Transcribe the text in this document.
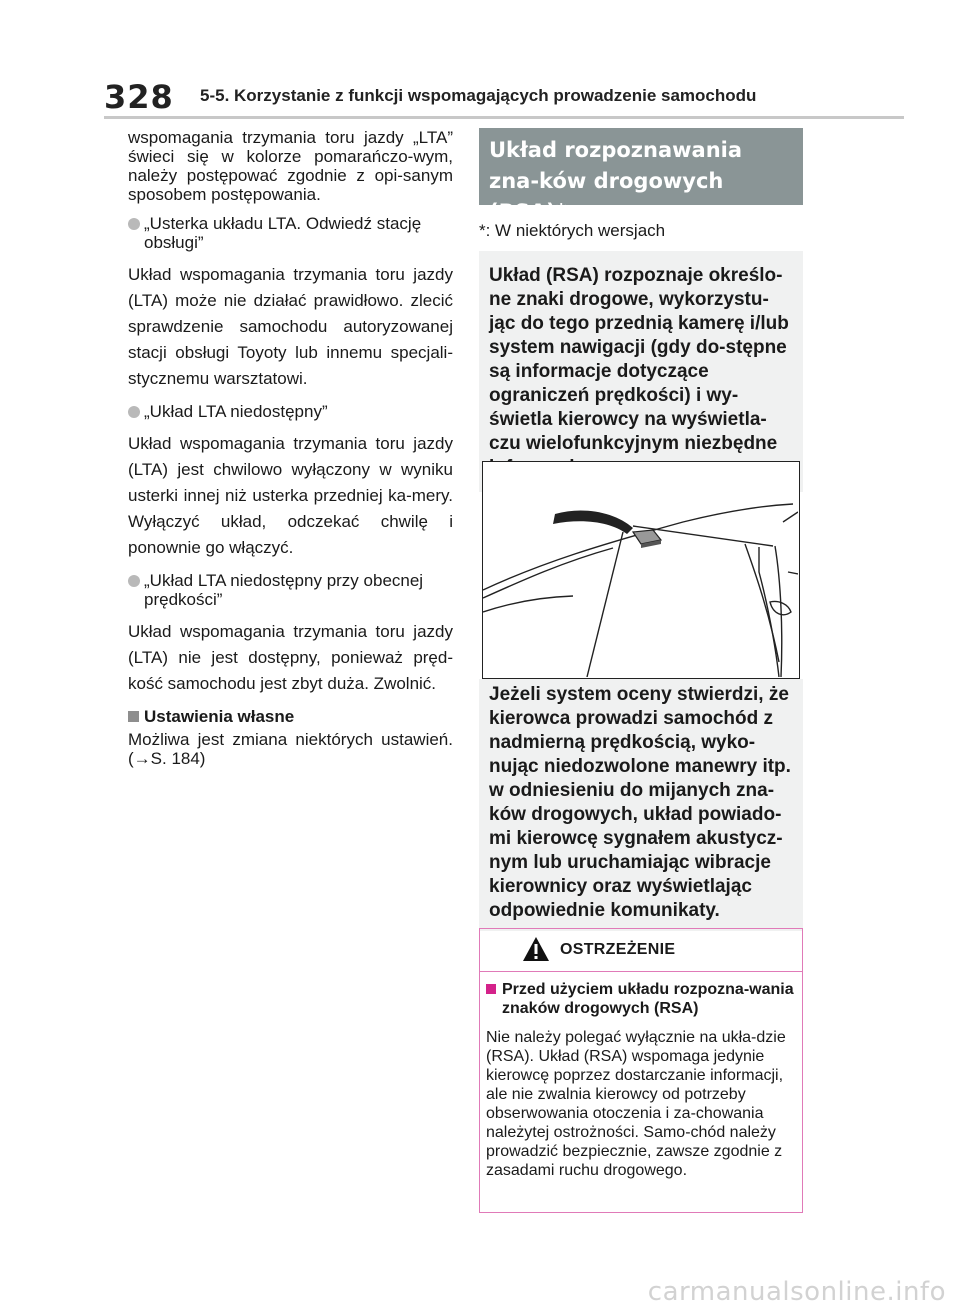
328 5-5. Korzystanie z funkcji wspomagających prowadzenie samochodu

wspomagania trzymania toru jazdy „LTA” świeci się w kolorze pomarańczo-wym, należy postępować zgodnie z opi-sanym sposobem postępowania.

„Usterka układu LTA. Odwiedź stację obsługi”

Układ wspomagania trzymania toru jazdy (LTA) może nie działać prawidłowo. zlecić sprawdzenie samochodu autoryzowanej stacji obsługi Toyoty lub innemu specjali-stycznemu warsztatowi.

„Układ LTA niedostępny”

Układ wspomagania trzymania toru jazdy (LTA) jest chwilowo wyłączony w wyniku usterki innej niż usterka przedniej ka-mery. Wyłączyć układ, odczekać chwilę i ponownie go włączyć.

„Układ LTA niedostępny przy obecnej prędkości”

Układ wspomagania trzymania toru jazdy (LTA) nie jest dostępny, ponieważ pręd-kość samochodu jest zbyt duża. Zwolnić.

Ustawienia własne

Możliwa jest zmiana niektórych ustawień. (→S. 184)

Układ rozpoznawania zna-ków drogowych (RSA)*
*: W niektórych wersjach
Układ (RSA) rozpoznaje określo-ne znaki drogowe, wykorzystu-jąc do tego przednią kamerę i/lub system nawigacji (gdy do-stępne są informacje dotyczące ograniczeń prędkości) i wy-świetla kierowcy na wyświetla-czu wielofunkcyjnym niezbędne
Jeżeli system oceny stwierdzi, że kierowca prowadzi samochód z nadmierną prędkością, wyko-nując niedozwolone manewry itp. w odniesieniu do mijanych zna-ków drogowych, układ powiado-mi kierowcę sygnałem akustycz-nym lub uruchamiając wibracje kierownicy oraz wyświetlając odpowiednie komunikaty.
OSTRZEŻENIE
Przed użyciem układu rozpozna-wania znaków drogowych (RSA)
Nie należy polegać wyłącznie na ukła-dzie (RSA). Układ (RSA) wspomaga jedynie kierowcę poprzez dostarczanie informacji, ale nie zwalnia kierowcy od potrzeby obserwowania otoczenia i za-chowania należytej ostrożności. Samo-chód należy prowadzić bezpiecznie, zawsze zgodnie z zasadami ruchu drogowego.
carmanualsonline.info
